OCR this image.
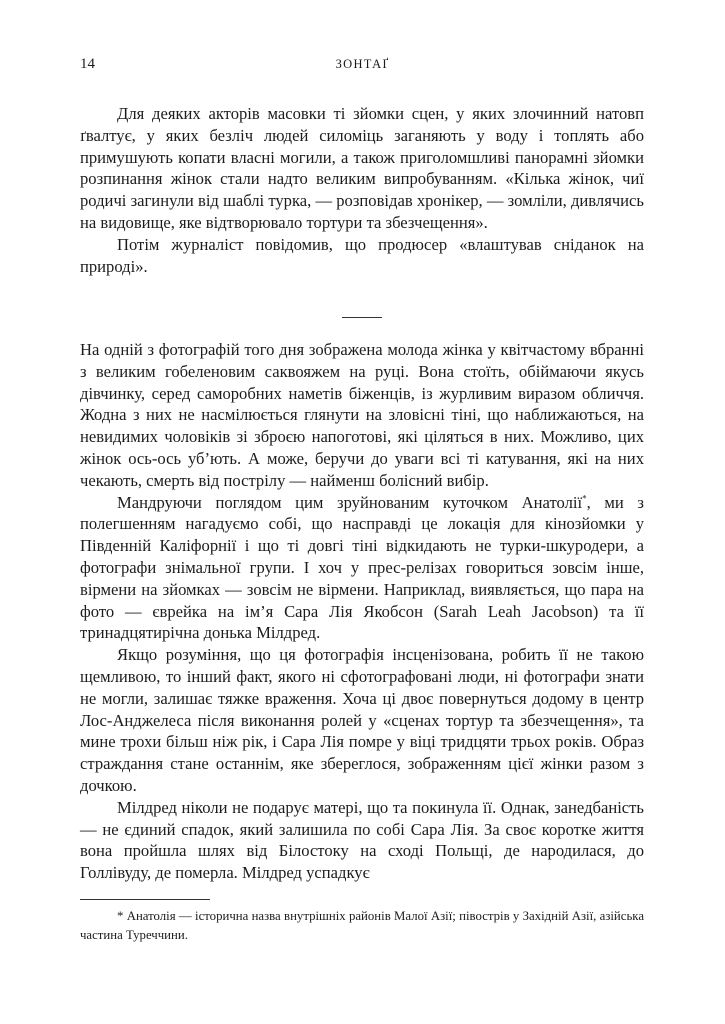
14	ЗОНТАҐ

Для деяких акторів масовки ті зйомки сцен, у яких злочинний натовп ґвалтує, у яких безліч людей силоміць заганяють у воду і топлять або примушують копати власні могили, а також приголомшливі панорамні зйомки розпинання жінок стали надто великим випробуванням. «Кілька жінок, чиї родичі загинули від шаблі турка, — розповідав хронікер, — зомліли, дивлячись на видовище, яке відтворювало тортури та збезчещення».

Потім журналіст повідомив, що продюсер «влаштував сніданок на природі».

На одній з фотографій того дня зображена молода жінка у квітчастому вбранні з великим гобеленовим саквояжем на руці. Вона стоїть, обіймаючи якусь дівчинку, серед саморобних наметів біженців, із журливим виразом обличчя. Жодна з них не насмілюється глянути на зловісні тіні, що наближаються, на невидимих чоловіків зі зброєю напоготові, які ціляться в них. Можливо, цих жінок ось-ось уб’ють. А може, беручи до уваги всі ті катування, які на них чекають, смерть від пострілу — найменш болісний вибір.

Мандруючи поглядом цим зруйнованим куточком Анатолії*, ми з полегшенням нагадуємо собі, що насправді це локація для кінозйомки у Південній Каліфорнії і що ті довгі тіні відкидають не турки-шкуродери, а фотографи знімальної групи. І хоч у прес-релізах говориться зовсім інше, вірмени на зйомках — зовсім не вірмени. Наприклад, виявляється, що пара на фото — єврейка на ім’я Сара Лія Якобсон (Sarah Leah Jacobson) та її тринадцятирічна донька Мілдред.

Якщо розуміння, що ця фотографія інсценізована, робить її не такою щемливою, то інший факт, якого ні сфотографовані люди, ні фотографи знати не могли, залишає тяжке враження. Хоча ці двоє повернуться додому в центр Лос-Анджелеса після виконання ролей у «сценах тортур та збезчещення», та мине трохи більш ніж рік, і Сара Лія помре у віці тридцяти трьох років. Образ страждання стане останнім, яке збереглося, зображенням цієї жінки разом з дочкою.

Мілдред ніколи не подарує матері, що та покинула її. Однак, занедбаність — не єдиний спадок, який залишила по собі Сара Лія. За своє коротке життя вона пройшла шлях від Білостоку на сході Польщі, де народилася, до Голлівуду, де померла. Мілдред успадкує

* Анатолія — історична назва внутрішніх районів Малої Азії; півострів у Західній Азії, азійська частина Туреччини.
